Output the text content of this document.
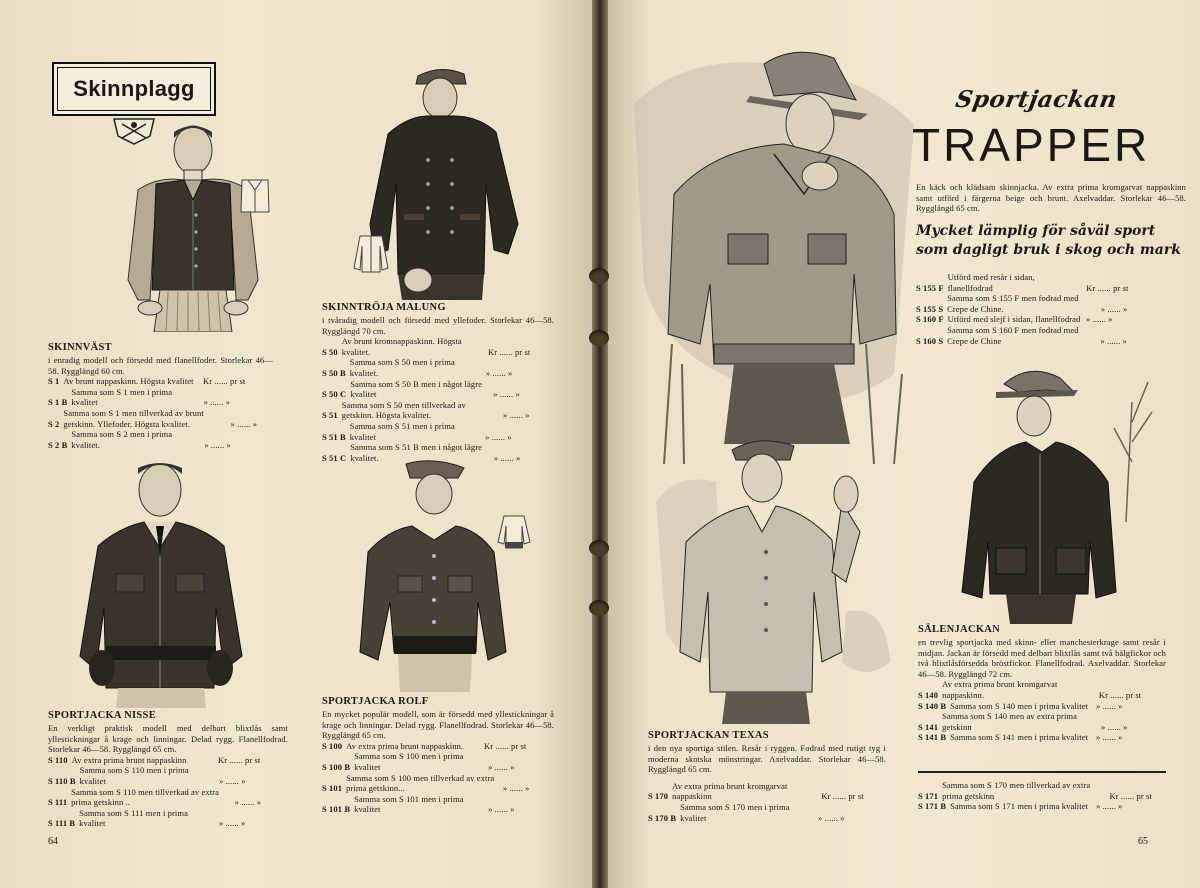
Skinnplagg
SKINNVÄST
i enradig modell och försedd med flanellfoder. Storlekar 46—58. Rygglängd 60 cm.
S 1 Av brunt nappaskinn. Högsta kvalitet	Kr ...... pr st
S 1 B
Samma som S 1 men i prima kvalitet	» ...... »
S 2
Samma som S 1 men tillverkad av brunt getskinn. Yllefoder. Högsta kvalitet.	» ...... »
S 2 B
Samma som S 2 men i prima kvalitet.	» ...... »
SKINNTRÖJA MALUNG
i tvåradig modell och försedd med yllefoder. Storlekar 46—58. Rygglängd 70 cm.
S 50
Av brunt kromnappaskinn. Högsta kvalitet.	Kr ...... pr st
S 50 B
Samma som S 50 men i prima kvalitet.	» ...... »
S 50 C
Samma som S 50 B men i något lägre kvalitet	» ...... »
S 51
Samma som S 50 men tillverkad av getskinn. Högsta kvalitet.	» ...... »
S 51 B
Samma som S 51 men i prima kvalitet	» ...... »
S 51 C
Samma som S 51 B men i något lägre kvalitet.	» ...... »
SPORTJACKA NISSE
En verkligt praktisk modell med delbart blixtlås samt yllestickningar å krage och linningar. Delad rygg. Flanellfodrad. Storlekar 46—58. Rygglängd 65 cm.
S 110 Av extra prima brunt nappaskinn	Kr ...... pr st
S 110 B
Samma som S 110 men i prima kvalitet	» ...... »
S 111
Samma som S 110 men tillverkad av extra prima getskinn ..	» ...... »
S 111 B
Samma som S 111 men i prima kvalitet	» ...... »
SPORTJACKA ROLF
En mycket populär modell, som är försedd med yllestickningar å krage och linningar. Delad rygg. Flanellfodrad. Storlekar 46—58. Rygglängd 65 cm.
S 100 Av extra prima brunt nappaskinn.	Kr ...... pr st
S 100 B
Samma som S 100 men i prima kvalitet	» ...... »
S 101
Samma som S 100 men tillverkad av extra prima getskinn...	» ...... »
S 101 B
Samma som S 101 men i prima kvalitet	» ...... »
64
Sportjackan
TRAPPER
En käck och klädsam skinnjacka. Av extra prima kromgarvat nappaskinn samt utförd i färgerna beige och brunt. Axelvaddar. Storlekar 46—58. Rygglängd 65 cm.
Mycket lämplig för såväl sport som dagligt bruk i skog och mark
S 155 F
Utförd med resår i sidan, flanellfodrad	Kr ...... pr st
S 155 S
Samma som S 155 F men fodrad med Crepe de Chine.	» ...... »
S 160 F Utförd med slejf i sidan, flanellfodrad » ...... »
S 160 S
Samma som S 160 F men fodrad med Crepe de Chine	» ...... »
SPORTJACKAN TEXAS
i den nya sportiga stilen. Resår i ryggen. Fodrad med rutigt tyg i moderna skotska mönstringar. Axelvaddar. Storlekar 46—58. Rygglängd 65 cm.
S 170
Av extra prima brunt kromgarvat nappaskinn	Kr ...... pr st
S 170 B
Samma som S 170 men i prima kvalitet	» ...... »
SÄLENJACKAN
en trevlig sportjacka med skinn- eller manchesterkrage samt resår i midjan. Jackan är försedd med delbart blixtlås samt två bälgfickor och två blixtlåsförsedda bröstfickor. Flanellfodrad. Axelvaddar. Storlekar 46—58. Rygglängd 72 cm.
S 140
Av extra prima brunt kromgarvat nappaskinn.	Kr ...... pr st
S 140 B Samma som S 140 men i prima kvalitet » ...... »
S 141
Samma som S 140 men av extra prima getskinn	» ...... »
S 141 B Samma som S 141 men i prima kvalitet » ...... »
S 171
Samma som S 170 men tillverkad av extra prima getskinn	Kr ...... pr st
S 171 B Samma som S 171 men i prima kvalitet » ...... »
65
